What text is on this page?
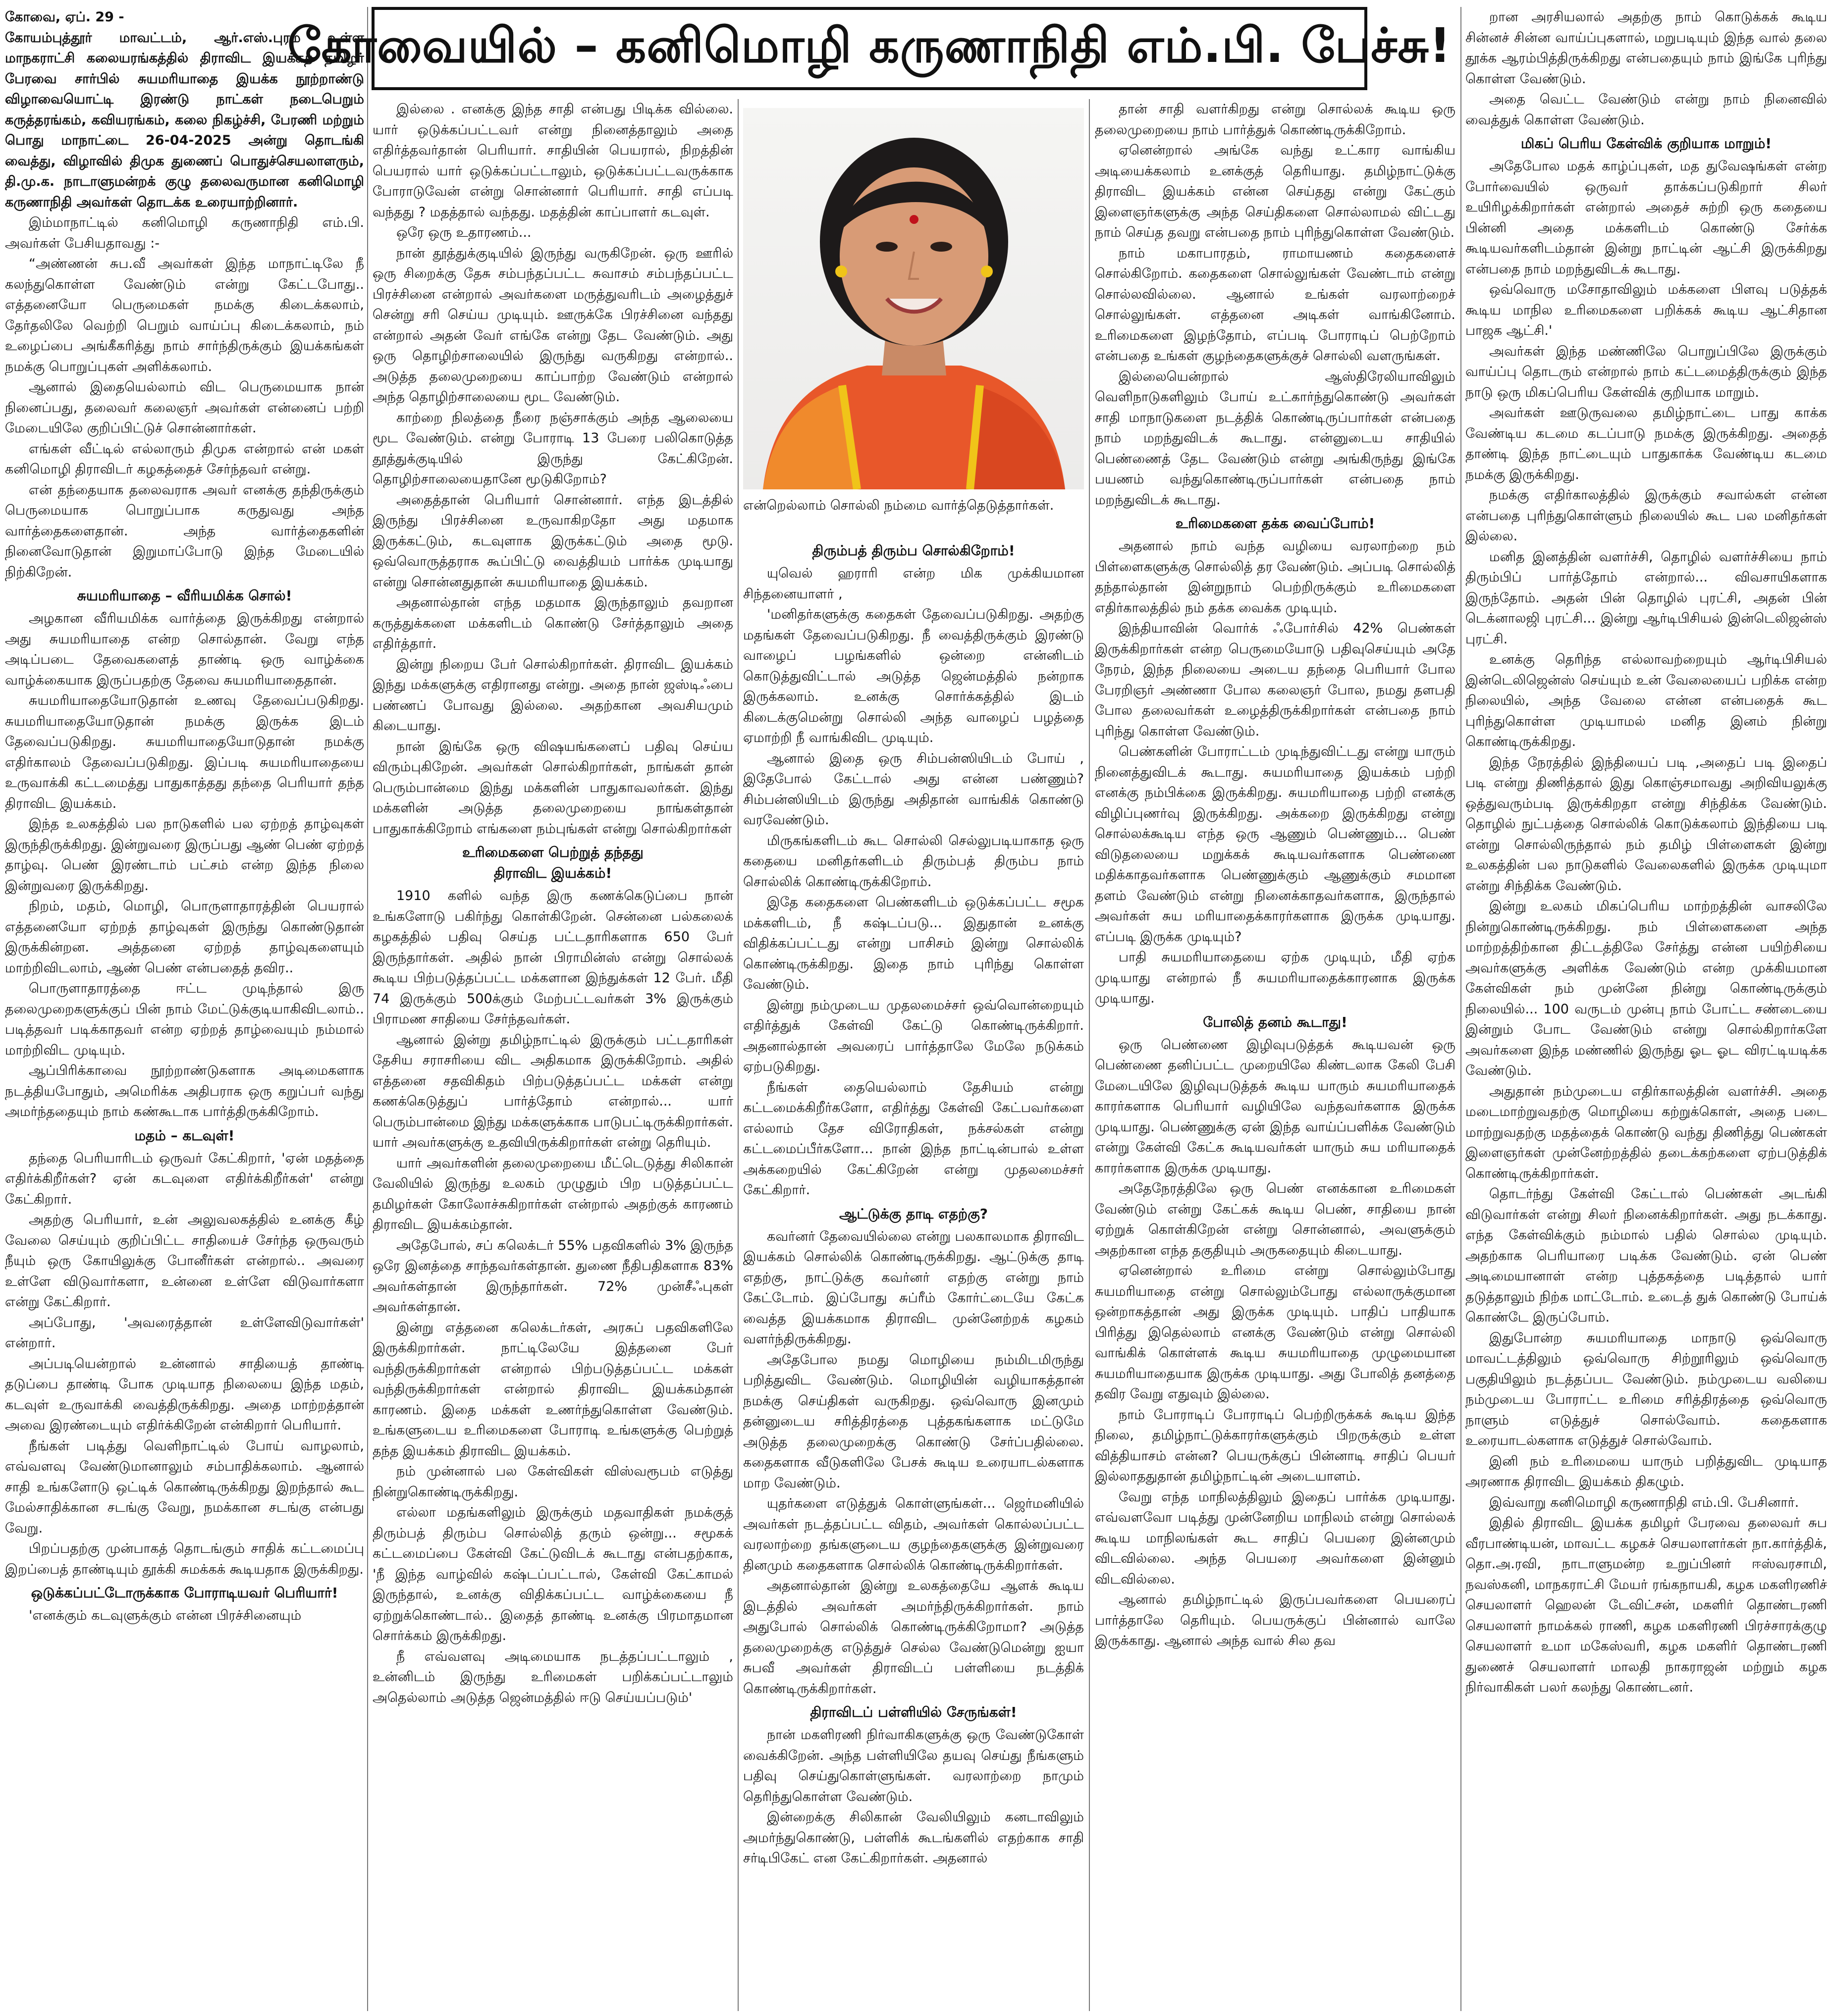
கோவை, ஏப். 29 -

கோயம்புத்தூர் மாவட்டம், ஆர்.எஸ்.புரம் உள்ள மாநகராட்சி கலையரங்கத்தில் திராவிட இயக்கத் தமிழர் பேரவை சார்பில் சுயமரியாதை இயக்க நூற்றாண்டு விழாவையொட்டி இரண்டு நாட்கள் நடைபெறும் கருத்தரங்கம், கவியரங்கம், கலை நிகழ்ச்சி, பேரணி மற்றும் பொது மாநாட்டை 26-04-2025 அன்று தொடங்கி வைத்து, விழாவில் திமுக துணைப் பொதுச்செயலாளரும், தி.மு.க. நாடாளுமன்றக் குழு தலைவருமான கனிமொழி கருணாநிதி அவர்கள் தொடக்க உரையாற்றினார்.

இம்மாநாட்டில் கனிமொழி கருணாநிதி எம்.பி. அவர்கள் பேசியதாவது :-

“அண்ணன் சுப.வீ அவர்கள் இந்த மாநாட்டிலே நீ கலந்துகொள்ள வேண்டும் என்று கேட்டபோது.. எத்தனையோ பெருமைகள் நமக்கு கிடைக்கலாம், தேர்தலிலே வெற்றி பெறும் வாய்ப்பு கிடைக்கலாம், நம் உழைப்பை அங்கீகரித்து நாம் சார்ந்திருக்கும் இயக்கங்கள் நமக்கு பொறுப்புகள் அளிக்கலாம்.

ஆனால் இதையெல்லாம் விட பெருமையாக நான் நினைப்பது, தலைவர் கலைஞர் அவர்கள் என்னைப் பற்றி மேடையிலே குறிப்பிட்டுச் சொன்னார்கள்.

எங்கள் வீட்டில் எல்லாரும் திமுக என்றால் என் மகள் கனிமொழி திராவிடர் கழகத்தைச் சேர்ந்தவர் என்று.

என் தந்தையாக தலைவராக அவர் எனக்கு தந்திருக்கும் பெருமையாக பொறுப்பாக கருதுவது அந்த வார்த்தைகளைதான். அந்த வார்த்தைகளின் நினைவோடுதான் இறுமாப்போடு இந்த மேடையில் நிற்கிறேன்.

சுயமரியாதை – வீரியமிக்க சொல்!

அழகான வீரியமிக்க வார்த்தை இருக்கிறது என்றால் அது சுயமரியாதை என்ற சொல்தான். வேறு எந்த அடிப்படை தேவைகளைத் தாண்டி ஒரு வாழ்க்கை வாழ்க்கையாக இருப்பதற்கு தேவை சுயமரியாதைதான்.

சுயமரியாதையோடுதான் உணவு தேவைப்படுகிறது. சுயமரியாதையோடுதான் நமக்கு இருக்க இடம் தேவைப்படுகிறது. சுயமரியாதையோடுதான் நமக்கு எதிர்காலம் தேவைப்படுகிறது. இப்படி சுயமரியாதையை உருவாக்கி கட்டமைத்து பாதுகாத்தது தந்தை பெரியார் தந்த திராவிட இயக்கம்.

இந்த உலகத்தில் பல நாடுகளில் பல ஏற்றத் தாழ்வுகள் இருந்திருக்கிறது. இன்றுவரை இருப்பது ஆண் பெண் ஏற்றத் தாழ்வு. பெண் இரண்டாம் பட்சம் என்ற இந்த நிலை இன்றுவரை இருக்கிறது.

நிறம், மதம், மொழி, பொருளாதாரத்தின் பெயரால் எத்தனையோ ஏற்றத் தாழ்வுகள் இருந்து கொண்டுதான் இருக்கின்றன. அத்தனை ஏற்றத் தாழ்வுகளையும் மாற்றிவிடலாம், ஆண் பெண் என்பதைத் தவிர..

பொருளாதாரத்தை ஈட்ட முடிந்தால் இரு தலைமுறைகளுக்குப் பின் நாம் மேட்டுக்குடியாகிவிடலாம்.. படித்தவர் படிக்காதவர் என்ற ஏற்றத் தாழ்வையும் நம்மால் மாற்றிவிட முடியும்.

ஆப்பிரிக்காவை நூற்றாண்டுகளாக அடிமைகளாக நடத்தியபோதும், அமெரிக்க அதிபராக ஒரு கறுப்பர் வந்து அமர்ந்ததையும் நாம் கண்கூடாக பார்த்திருக்கிறோம்.

மதம் – கடவுள்!

தந்தை பெரியாரிடம் ஒருவர் கேட்கிறார், 'ஏன் மதத்தை எதிர்க்கிறீர்கள்? ஏன் கடவுளை எதிர்க்கிறீர்கள்' என்று கேட்கிறார்.

அதற்கு பெரியார், உன் அலுவலகத்தில் உனக்கு கீழ் வேலை செய்யும் குறிப்பிட்ட சாதியைச் சேர்ந்த ஒருவரும் நீயும் ஒரு கோயிலுக்கு போனீர்கள் என்றால்.. அவரை உள்ளே விடுவார்களா, உன்னை உள்ளே விடுவார்களா என்று கேட்கிறார்.

அப்போது, 'அவரைத்தான் உள்ளேவிடுவார்கள்' என்றார்.

அப்படியென்றால் உன்னால் சாதியைத் தாண்டி தடுப்பை தாண்டி போக முடியாத நிலையை இந்த மதம், கடவுள் உருவாக்கி வைத்திருக்கிறது. அதை மாற்றத்தான் அவை இரண்டையும் எதிர்க்கிறேன் என்கிறார் பெரியார்.

நீங்கள் படித்து வெளிநாட்டில் போய் வாழலாம், எவ்வளவு வேண்டுமானாலும் சம்பாதிக்கலாம். ஆனால் சாதி உங்களோடு ஒட்டிக் கொண்டிருக்கிறது இறந்தால் கூட மேல்சாதிக்கான சடங்கு வேறு, நமக்கான சடங்கு என்பது வேறு.

பிறப்பதற்கு முன்பாகத் தொடங்கும் சாதிக் கட்டமைப்பு இறப்பைத் தாண்டியும் தூக்கி சுமக்கக் கூடியதாக இருக்கிறது.

ஒடுக்கப்பட்டோருக்காக போராடியவர் பெரியார்!

'எனக்கும் கடவுளுக்கும் என்ன பிரச்சினையும்

கோவையில் – கனிமொழி கருணாநிதி எம்.பி. பேச்சு!

இல்லை . எனக்கு இந்த சாதி என்பது பிடிக்க வில்லை. யார் ஒடுக்கப்பட்டவர் என்று நினைத்தாலும் அதை எதிர்த்தவர்தான் பெரியார். சாதியின் பெயரால், நிறத்தின் பெயரால் யார் ஒடுக்கப்பட்டாலும், ஒடுக்கப்பட்டவருக்காக போராடுவேன் என்று சொன்னார் பெரியார். சாதி எப்படி வந்தது ? மதத்தால் வந்தது. மதத்தின் காப்பாளர் கடவுள்.

ஒரே ஒரு உதாரணம்...

நான் தூத்துக்குடியில் இருந்து வருகிறேன். ஒரு ஊரில் ஒரு சிறைக்கு தேசு சம்பந்தப்பட்ட சுவாசம் சம்பந்தப்பட்ட பிரச்சினை என்றால் அவர்களை மருத்துவரிடம் அழைத்துச் சென்று சரி செய்ய முடியும். ஊருக்கே பிரச்சினை வந்தது என்றால் அதன் வேர் எங்கே என்று தேட வேண்டும். அது ஒரு தொழிற்சாலையில் இருந்து வருகிறது என்றால்.. அடுத்த தலைமுறையை காப்பாற்ற வேண்டும் என்றால் அந்த தொழிற்சாலையை மூட வேண்டும்.

காற்றை நிலத்தை நீரை நஞ்சாக்கும் அந்த ஆலையை மூட வேண்டும். என்று போராடி 13 பேரை பலிகொடுத்த தூத்துக்குடியில் இருந்து கேட்கிறேன். தொழிற்சாலையைதானே மூடுகிறோம்?

அதைத்தான் பெரியார் சொன்னார். எந்த இடத்தில் இருந்து பிரச்சினை உருவாகிறதோ அது மதமாக இருக்கட்டும், கடவுளாக இருக்கட்டும் அதை மூடு. ஒவ்வொருத்தராக கூப்பிட்டு வைத்தியம் பார்க்க முடியாது என்று சொன்னதுதான் சுயமரியாதை இயக்கம்.

அதனால்தான் எந்த மதமாக இருந்தாலும் தவறான கருத்துக்களை மக்களிடம் கொண்டு சேர்த்தாலும் அதை எதிர்த்தார்.

இன்று நிறைய பேர் சொல்கிறார்கள். திராவிட இயக்கம் இந்து மக்களுக்கு எதிரானது என்று. அதை நான் ஜஸ்டிஃபை பண்ணப் போவது இல்லை. அதற்கான அவசியமும் கிடையாது.

நான் இங்கே ஒரு விஷயங்களைப் பதிவு செய்ய விரும்புகிறேன். அவர்கள் சொல்கிறார்கள், நாங்கள் தான் பெரும்பான்மை இந்து மக்களின் பாதுகாவலர்கள். இந்து மக்களின் அடுத்த தலைமுறையை நாங்கள்தான் பாதுகாக்கிறோம் எங்களை நம்புங்கள் என்று சொல்கிறார்கள்

உரிமைகளை பெற்றுத் தந்தது
திராவிட இயக்கம்!

1910 களில் வந்த இரு கணக்கெடுப்பை நான் உங்களோடு பகிர்ந்து கொள்கிறேன். சென்னை பல்கலைக் கழகத்தில் பதிவு செய்த பட்டதாரிகளாக 650 பேர் இருந்தார்கள். அதில் நான் பிராமின்ஸ் என்று சொல்லக் கூடிய பிற்படுத்தப்பட்ட மக்களான இந்துக்கள் 12 பேர். மீதி 74 இருக்கும் 500க்கும் மேற்பட்டவர்கள் 3% இருக்கும் பிராமண சாதியை சேர்ந்தவர்கள்.

ஆனால் இன்று தமிழ்நாட்டில் இருக்கும் பட்டதாரிகள் தேசிய சராசரியை விட அதிகமாக இருக்கிறோம். அதில் எத்தனை சதவிகிதம் பிற்படுத்தப்பட்ட மக்கள் என்று கணக்கெடுத்துப் பார்த்தோம் என்றால்... யார் பெரும்பான்மை இந்து மக்களுக்காக பாடுபட்டிருக்கிறார்கள். யார் அவர்களுக்கு உதவியிருக்கிறார்கள் என்று தெரியும்.

யார் அவர்களின் தலைமுறையை மீட்டெடுத்து சிலிகான் வேலியில் இருந்து உலகம் முழுதும் பிற படுத்தப்பட்ட தமிழர்கள் கோலோச்சுகிறார்கள் என்றால் அதற்குக் காரணம் திராவிட இயக்கம்தான்.

அதேபோல், சப் கலெக்டர் 55% பதவிகளில் 3% இருந்த ஒரே இனத்தை சாந்தவர்கள்தான். துணை நீதிபதிகளாக 83% அவர்கள்தான் இருந்தார்கள். 72% முன்சீஃபுகள் அவர்கள்தான்.

இன்று எத்தனை கலெக்டர்கள், அரசுப் பதவிகளிலே இருக்கிறார்கள். நாட்டிலேயே இத்தனை பேர் வந்திருக்கிறார்கள் என்றால் பிற்படுத்தப்பட்ட மக்கள் வந்திருக்கிறார்கள் என்றால் திராவிட இயக்கம்தான் காரணம். இதை மக்கள் உணர்ந்துகொள்ள வேண்டும். உங்களுடைய உரிமைகளை போராடி உங்களுக்கு பெற்றுத் தந்த இயக்கம் திராவிட இயக்கம்.

நம் முன்னால் பல கேள்விகள் விஸ்வரூபம் எடுத்து நின்றுகொண்டிருக்கிறது.

எல்லா மதங்களிலும் இருக்கும் மதவாதிகள் நமக்குத் திரும்பத் திரும்ப சொல்லித் தரும் ஒன்று... சமூகக் கட்டமைப்பை கேள்வி கேட்டுவிடக் கூடாது என்பதற்காக, 'நீ இந்த வாழ்வில் கஷ்டப்பட்டால், கேள்வி கேட்காமல் இருந்தால், உனக்கு விதிக்கப்பட்ட வாழ்க்கையை நீ ஏற்றுக்கொண்டால்.. இதைத் தாண்டி உனக்கு பிரமாதமான சொர்க்கம் இருக்கிறது.

நீ எவ்வளவு அடிமையாக நடத்தப்பட்டாலும் , உன்னிடம் இருந்து உரிமைகள் பறிக்கப்பட்டாலும் அதெல்லாம் அடுத்த ஜென்மத்தில் ஈடு செய்யப்படும்'

என்றெல்லாம் சொல்லி நம்மை வார்த்தெடுத்தார்கள்.
திரும்பத் திரும்ப சொல்கிறோம்!

யுவெல் ஹராரி என்ற மிக முக்கியமான சிந்தனையாளர் ,

'மனிதர்களுக்கு கதைகள் தேவைப்படுகிறது. அதற்கு மதங்கள் தேவைப்படுகிறது. நீ வைத்திருக்கும் இரண்டு வாழைப் பழங்களில் ஒன்றை என்னிடம் கொடுத்துவிட்டால் அடுத்த ஜென்மத்தில் நன்றாக இருக்கலாம். உனக்கு சொர்க்கத்தில் இடம் கிடைக்குமென்று சொல்லி அந்த வாழைப் பழத்தை ஏமாற்றி நீ வாங்கிவிட முடியும்.

ஆனால் இதை ஒரு சிம்பன்ஸியிடம் போய் , இதேபோல் கேட்டால் அது என்ன பண்ணும்? சிம்பன்ஸியிடம் இருந்து அதிதான் வாங்கிக் கொண்டு வரவேண்டும்.

மிருகங்களிடம் கூட சொல்லி செல்லுபடியாகாத ஒரு கதையை மனிதர்களிடம் திரும்பத் திரும்ப நாம் சொல்லிக் கொண்டிருக்கிறோம்.

இதே கதைகளை பெண்களிடம் ஒடுக்கப்பட்ட சமூக மக்களிடம், நீ கஷ்டப்படு... இதுதான் உனக்கு விதிக்கப்பட்டது என்று பாசிசம் இன்று சொல்லிக் கொண்டிருக்கிறது. இதை நாம் புரிந்து கொள்ள வேண்டும்.

இன்று நம்முடைய முதலமைச்சர் ஒவ்வொன்றையும் எதிர்த்துக் கேள்வி கேட்டு கொண்டிருக்கிறார். அதனால்தான் அவரைப் பார்த்தாலே மேலே நடுக்கம் ஏற்படுகிறது.

நீங்கள் தையெல்லாம் தேசியம் என்று கட்டமைக்கிறீர்களோ, எதிர்த்து கேள்வி கேட்பவர்களை எல்லாம் தேச விரோதிகள், நக்சல்கள் என்று கட்டமைப்பீர்களோ... நான் இந்த நாட்டின்பால் உள்ள அக்கறையில் கேட்கிறேன் என்று முதலமைச்சர் கேட்கிறார்.

ஆட்டுக்கு தாடி எதற்கு?

கவர்னர் தேவையில்லை என்று பலகாலமாக திராவிட இயக்கம் சொல்லிக் கொண்டிருக்கிறது. ஆட்டுக்கு தாடி எதற்கு, நாட்டுக்கு கவர்னர் எதற்கு என்று நாம் கேட்டோம். இப்போது சுப்ரீம் கோர்ட்டையே கேட்க வைத்த இயக்கமாக திராவிட முன்னேற்றக் கழகம் வளர்ந்திருக்கிறது.

அதேபோல நமது மொழியை நம்மிடமிருந்து பறித்துவிட வேண்டும். மொழியின் வழியாகத்தான் நமக்கு செய்திகள் வருகிறது. ஒவ்வொரு இனமும் தன்னுடைய சரித்திரத்தை புத்தகங்களாக மட்டுமே அடுத்த தலைமுறைக்கு கொண்டு சேர்ப்பதில்லை. கதைகளாக வீடுகளிலே பேசக் கூடிய உரையாடல்களாக மாற வேண்டும்.

யுதர்களை எடுத்துக் கொள்ளுங்கள்... ஜெர்மனியில் அவர்கள் நடத்தப்பட்ட விதம், அவர்கள் கொல்லப்பட்ட வரலாற்றை தங்களுடைய குழந்தைகளுக்கு இன்றுவரை தினமும் கதைகளாக சொல்லிக் கொண்டிருக்கிறார்கள்.

அதனால்தான் இன்று உலகத்தையே ஆளக் கூடிய இடத்தில் அவர்கள் அமர்ந்திருக்கிறார்கள். நாம் அதுபோல் சொல்லிக் கொண்டிருக்கிறோமா? அடுத்த தலைமுறைக்கு எடுத்துச் செல்ல வேண்டுமென்று ஐயா சுபவீ அவர்கள் திராவிடப் பள்ளியை நடத்திக் கொண்டிருக்கிறார்கள்.

திராவிடப் பள்ளியில் சேருங்கள்!

நான் மகளிரணி நிர்வாகிகளுக்கு ஒரு வேண்டுகோள் வைக்கிறேன். அந்த பள்ளியிலே தயவு செய்து நீங்களும் பதிவு செய்துகொள்ளுங்கள். வரலாற்றை நாமும் தெரிந்துகொள்ள வேண்டும்.

இன்றைக்கு சிலிகான் வேலியிலும் கனடாவிலும் அமர்ந்துகொண்டு, பள்ளிக் கூடங்களில் எதற்காக சாதி சர்டிபிகேட் என கேட்கிறார்கள். அதனால்

தான் சாதி வளர்கிறது என்று சொல்லக் கூடிய ஒரு தலைமுறையை நாம் பார்த்துக் கொண்டிருக்கிறோம்.

ஏனென்றால் அங்கே வந்து உட்கார வாங்கிய அடியைக்கலாம் உனக்குத் தெரியாது. தமிழ்நாட்டுக்கு திராவிட இயக்கம் என்ன செய்தது என்று கேட்கும் இளைஞர்களுக்கு அந்த செய்திகளை சொல்லாமல் விட்டது நாம் செய்த தவறு என்பதை நாம் புரிந்துகொள்ள வேண்டும்.

நாம் மகாபாரதம், ராமாயணம் கதைகளைச் சொல்கிறோம். கதைகளை சொல்லுங்கள் வேண்டாம் என்று சொல்லவில்லை. ஆனால் உங்கள் வரலாற்றைச் சொல்லுங்கள். எத்தனை அடிகள் வாங்கினோம். உரிமைகளை இழந்தோம், எப்படி போராடிப் பெற்றோம் என்பதை உங்கள் குழந்தைகளுக்குச் சொல்லி வளருங்கள்.

இல்லையென்றால் ஆஸ்திரேலியாவிலும் வெளிநாடுகளிலும் போய் உட்கார்ந்துகொண்டு அவர்கள் சாதி மாநாடுகளை நடத்திக் கொண்டிருப்பார்கள் என்பதை நாம் மறந்துவிடக் கூடாது. என்னுடைய சாதியில் பெண்ணைத் தேட வேண்டும் என்று அங்கிருந்து இங்கே பயணம் வந்துகொண்டிருப்பார்கள் என்பதை நாம் மறந்துவிடக் கூடாது.

உரிமைகளை தக்க வைப்போம்!

அதனால் நாம் வந்த வழியை வரலாற்றை நம் பிள்ளைகளுக்கு சொல்லித் தர வேண்டும். அப்படி சொல்லித் தந்தால்தான் இன்றுநாம் பெற்றிருக்கும் உரிமைகளை எதிர்காலத்தில் நம் தக்க வைக்க முடியும்.

இந்தியாவின் வொர்க் ஃபோர்சில் 42% பெண்கள் இருக்கிறார்கள் என்ற பெருமையோடு பதிவுசெய்யும் அதே நேரம், இந்த நிலையை அடைய தந்தை பெரியார் போல பேரறிஞர் அண்ணா போல கலைஞர் போல, நமது தளபதி போல தலைவர்கள் உழைத்திருக்கிறார்கள் என்பதை நாம் புரிந்து கொள்ள வேண்டும்.

பெண்களின் போராட்டம் முடிந்துவிட்டது என்று யாரும் நினைத்துவிடக் கூடாது. சுயமரியாதை இயக்கம் பற்றி எனக்கு நம்பிக்கை இருக்கிறது. சுயமரியாதை பற்றி எனக்கு விழிப்புணர்வு இருக்கிறது. அக்கறை இருக்கிறது என்று சொல்லக்கூடிய எந்த ஒரு ஆணும் பெண்ணும்... பெண் விடுதலையை மறுக்கக் கூடியவர்களாக பெண்ணை மதிக்காதவர்களாக பெண்ணுக்கும் ஆணுக்கும் சமமான தளம் வேண்டும் என்று நினைக்காதவர்களாக, இருந்தால் அவர்கள் சுய மரியாதைக்காரர்களாக இருக்க முடியாது. எப்படி இருக்க முடியும்?

பாதி சுயமரியாதையை ஏற்க முடியும், மீதி ஏற்க முடியாது என்றால் நீ சுயமரியாதைக்காரனாக இருக்க முடியாது.

போலித் தனம் கூடாது!

ஒரு பெண்ணை இழிவுபடுத்தக் கூடியவன் ஒரு பெண்ணை தனிப்பட்ட முறையிலே கிண்டலாக கேலி பேசி மேடையிலே இழிவுபடுத்தக் கூடிய யாரும் சுயமரியாதைக் காரர்களாக பெரியார் வழியிலே வந்தவர்களாக இருக்க முடியாது. பெண்ணுக்கு ஏன் இந்த வாய்ப்பளிக்க வேண்டும் என்று கேள்வி கேட்க கூடியவர்கள் யாரும் சுய மரியாதைக் காரர்களாக இருக்க முடியாது.

அதேநேரத்திலே ஒரு பெண் எனக்கான உரிமைகள் வேண்டும் என்று கேட்கக் கூடிய பெண், சாதியை நான் ஏற்றுக் கொள்கிறேன் என்று சொன்னால், அவளுக்கும் அதற்கான எந்த தகுதியும் அருகதையும் கிடையாது.

ஏனென்றால் உரிமை என்று சொல்லும்போது சுயமரியாதை என்று சொல்லும்போது எல்லாருக்குமான ஒன்றாகத்தான் அது இருக்க முடியும். பாதிப் பாதியாக பிரித்து இதெல்லாம் எனக்கு வேண்டும் என்று சொல்லி வாங்கிக் கொள்ளக் கூடிய சுயமரியாதை முழுமையான சுயமரியாதையாக இருக்க முடியாது. அது போலித் தனத்தை தவிர வேறு எதுவும் இல்லை.

நாம் போராடிப் போராடிப் பெற்றிருக்கக் கூடிய இந்த நிலை, தமிழ்நாட்டுக்காரர்களுக்கும் பிறருக்கும் உள்ள வித்தியாசம் என்ன? பெயருக்குப் பின்னாடி சாதிப் பெயர் இல்லாததுதான் தமிழ்நாட்டின் அடையாளம்.

வேறு எந்த மாநிலத்திலும் இதைப் பார்க்க முடியாது. எவ்வளவோ படித்து முன்னேறிய மாநிலம் என்று சொல்லக் கூடிய மாநிலங்கள் கூட சாதிப் பெயரை இன்னமும் விடவில்லை. அந்த பெயரை அவர்களை இன்னும் விடவில்லை.

ஆனால் தமிழ்நாட்டில் இருப்பவர்களை பெயரைப் பார்த்தாலே தெரியும். பெயருக்குப் பின்னால் வாலே இருக்காது. ஆனால் அந்த வால் சில தவ

றான அரசியலால் அதற்கு நாம் கொடுக்கக் கூடிய சின்னச் சின்ன வாய்ப்புகளால், மறுபடியும் இந்த வால் தலை தூக்க ஆரம்பித்திருக்கிறது என்பதையும் நாம் இங்கே புரிந்து கொள்ள வேண்டும்.

அதை வெட்ட வேண்டும் என்று நாம் நினைவில் வைத்துக் கொள்ள வேண்டும்.

மிகப் பெரிய கேள்விக் குறியாக மாறும்!

அதேபோல மதக் காழ்ப்புகள், மத துவேஷங்கள் என்ற போர்வையில் ஒருவர் தாக்கப்படுகிறார் சிலர் உயிரிழக்கிறார்கள் என்றால் அதைச் சுற்றி ஒரு கதையை பின்னி அதை மக்களிடம் கொண்டு சேர்க்க கூடியவர்களிடம்தான் இன்று நாட்டின் ஆட்சி இருக்கிறது என்பதை நாம் மறந்துவிடக் கூடாது.

ஒவ்வொரு மசோதாவிலும் மக்களை பிளவு படுத்தக் கூடிய மாநில உரிமைகளை பறிக்கக் கூடிய ஆட்சிதான பாஜக ஆட்சி.'

அவர்கள் இந்த மண்ணிலே பொறுப்பிலே இருக்கும் வாய்ப்பு தொடரும் என்றால் நாம் கட்டமைத்திருக்கும் இந்த நாடு ஒரு மிகப்பெரிய கேள்விக் குறியாக மாறும்.

அவர்கள் ஊடுருவலை தமிழ்நாட்டை பாது காக்க வேண்டிய கடமை கடப்பாடு நமக்கு இருக்கிறது. அதைத் தாண்டி இந்த நாட்டையும் பாதுகாக்க வேண்டிய கடமை நமக்கு இருக்கிறது.

நமக்கு எதிர்காலத்தில் இருக்கும் சவால்கள் என்ன என்பதை புரிந்துகொள்ளும் நிலையில் கூட பல மனிதர்கள் இல்லை.

மனித இனத்தின் வளர்ச்சி, தொழில் வளர்ச்சியை நாம் திரும்பிப் பார்த்தோம் என்றால்... விவசாயிகளாக இருந்தோம். அதன் பின் தொழில் புரட்சி, அதன் பின் டெக்னாலஜி புரட்சி... இன்று ஆர்டிபிசியல் இன்டெலிஜன்ஸ் புரட்சி.

உனக்கு தெரிந்த எல்லாவற்றையும் ஆர்டிபிசியல் இன்டெலிஜென்ஸ் செய்யும் உன் வேலையைப் பறிக்க என்ற நிலையில், அந்த வேலை என்ன என்பதைக் கூட புரிந்துகொள்ள முடியாமல் மனித இனம் நின்று கொண்டிருக்கிறது.

இந்த நேரத்தில் இந்தியைப் படி ,அதைப் படி இதைப் படி என்று திணித்தால் இது கொஞ்சமாவது அறிவியலுக்கு ஒத்துவரும்படி இருக்கிறதா என்று சிந்திக்க வேண்டும். தொழில் நுட்பத்தை சொல்லிக் கொடுக்கலாம் இந்தியை படி என்று சொல்லிருந்தால் நம் தமிழ் பிள்ளைகள் இன்று உலகத்தின் பல நாடுகளில் வேலைகளில் இருக்க முடியுமா என்று சிந்திக்க வேண்டும்.

இன்று உலகம் மிகப்பெரிய மாற்றத்தின் வாசலிலே நின்றுகொண்டிருக்கிறது. நம் பிள்ளைகளை அந்த மாற்றத்திற்கான திட்டத்திலே சேர்த்து என்ன பயிற்சியை அவர்களுக்கு அளிக்க வேண்டும் என்ற முக்கியமான கேள்விகள் நம் முன்னே நின்று கொண்டிருக்கும் நிலையில்... 100 வருடம் முன்பு நாம் போட்ட சண்டையை இன்றும் போட வேண்டும் என்று சொல்கிறார்களே அவர்களை இந்த மண்ணில் இருந்து ஓட ஓட விரட்டியடிக்க வேண்டும்.

அதுதான் நம்முடைய எதிர்காலத்தின் வளர்ச்சி. அதை மடைமாற்றுவதற்கு மொழியை கற்றுக்கொள், அதை படை மாற்றுவதற்கு மதத்தைக் கொண்டு வந்து திணித்து பெண்கள் இளைஞர்கள் முன்னேற்றத்தில் தடைக்கற்களை ஏற்படுத்திக் கொண்டிருக்கிறார்கள்.

தொடர்ந்து கேள்வி கேட்டால் பெண்கள் அடங்கி விடுவார்கள் என்று சிலர் நினைக்கிறார்கள். அது நடக்காது. எந்த கேள்விக்கும் நம்மால் பதில் சொல்ல முடியும். அதற்காக பெரியாரை படிக்க வேண்டும். ஏன் பெண் அடிமையானாள் என்ற புத்தகத்தை படித்தால் யார் தடுத்தாலும் நிற்க மாட்டோம். உடைத் துக் கொண்டு போய்க் கொண்டே இருப்போம்.

இதுபோன்ற சுயமரியாதை மாநாடு ஒவ்வொரு மாவட்டத்திலும் ஒவ்வொரு சிற்றூரிலும் ஒவ்வொரு பகுதியிலும் நடத்தப்பட வேண்டும். நம்முடைய வலியை நம்முடைய போராட்ட உரிமை சரித்திரத்தை ஒவ்வொரு நாளும் எடுத்துச் சொல்வோம். கதைகளாக உரையாடல்களாக எடுத்துச் சொல்வோம்.

இனி நம் உரிமையை யாரும் பறித்துவிட முடியாத அரணாக திராவிட இயக்கம் திகழும்.

இவ்வாறு கனிமொழி கருணாநிதி எம்.பி. பேசினார்.

இதில் திராவிட இயக்க தமிழர் பேரவை தலைவர் சுப வீரபாண்டியன், மாவட்ட கழகச் செயலாளர்கள் நா.கார்த்திக், தொ.அ.ரவி, நாடாளுமன்ற உறுப்பினர் ஈஸ்வரசாமி, நவஸ்கனி, மாநகராட்சி மேயர் ரங்கநாயகி, கழக மகளிரணிச் செயலாளர் ஹெலன் டேவிட்சன், மகளிர் தொண்டரணி செயலாளர் நாமக்கல் ராணி, கழக மகளிரணி பிரச்சாரக்குழு செயலாளர் உமா மகேஸ்வரி, கழக மகளிர் தொண்டரணி துணைச் செயலாளர் மாலதி நாகராஜன் மற்றும் கழக நிர்வாகிகள் பலர் கலந்து கொண்டனர்.
